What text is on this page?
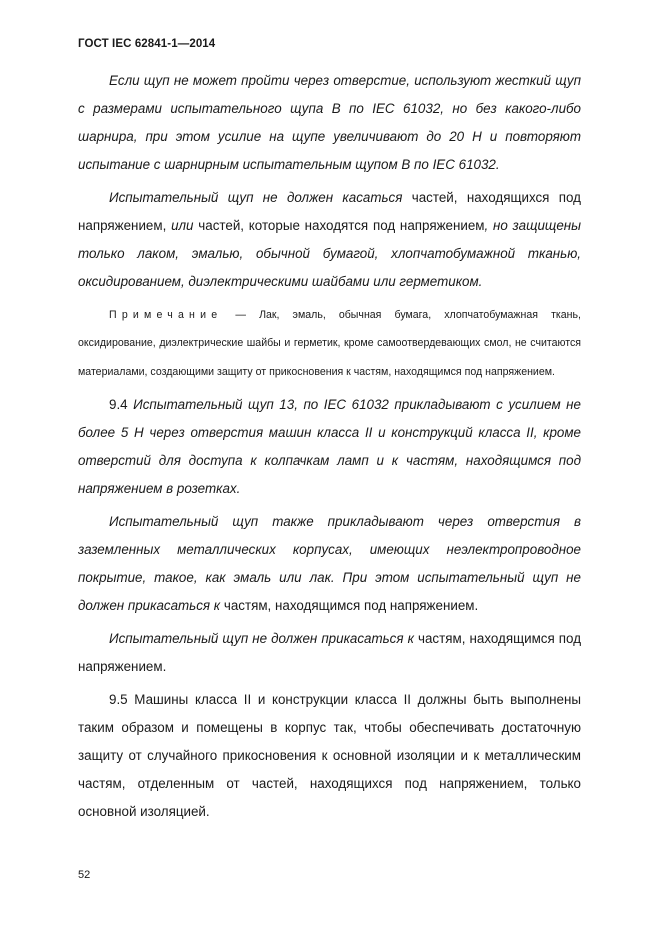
ГОСТ IEC 62841-1—2014

Если щуп не может пройти через отверстие, используют жесткий щуп с размерами испытательного щупа B по IEC 61032, но без какого-либо шарнира, при этом усилие на щупе увеличивают до 20 Н и повторяют испытание с шарнирным испытательным щупом B по IEC 61032.

Испытательный щуп не должен касаться частей, находящихся под напряжением, или частей, которые находятся под напряжением, но защищены только лаком, эмалью, обычной бумагой, хлопчатобумажной тканью, оксидированием, диэлектрическими шайбами или герметиком.

Примечание — Лак, эмаль, обычная бумага, хлопчатобумажная ткань, оксидирование, диэлектрические шайбы и герметик, кроме самоотвердевающих смол, не считаются материалами, создающими защиту от прикосновения к частям, находящимся под напряжением.

9.4 Испытательный щуп 13, по IEC 61032 прикладывают с усилием не более 5 Н через отверстия машин класса II и конструкций класса II, кроме отверстий для доступа к колпачкам ламп и к частям, находящимся под напряжением в розетках.

Испытательный щуп также прикладывают через отверстия в заземленных металлических корпусах, имеющих неэлектропроводное покрытие, такое, как эмаль или лак. При этом испытательный щуп не должен прикасаться к частям, находящимся под напряжением.

Испытательный щуп не должен прикасаться к частям, находящимся под напряжением.

9.5 Машины класса II и конструкции класса II должны быть выполнены таким образом и помещены в корпус так, чтобы обеспечивать достаточную защиту от случайного прикосновения к основной изоляции и к металлическим частям, отделенным от частей, находящихся под напряжением, только основной изоляцией.

52
